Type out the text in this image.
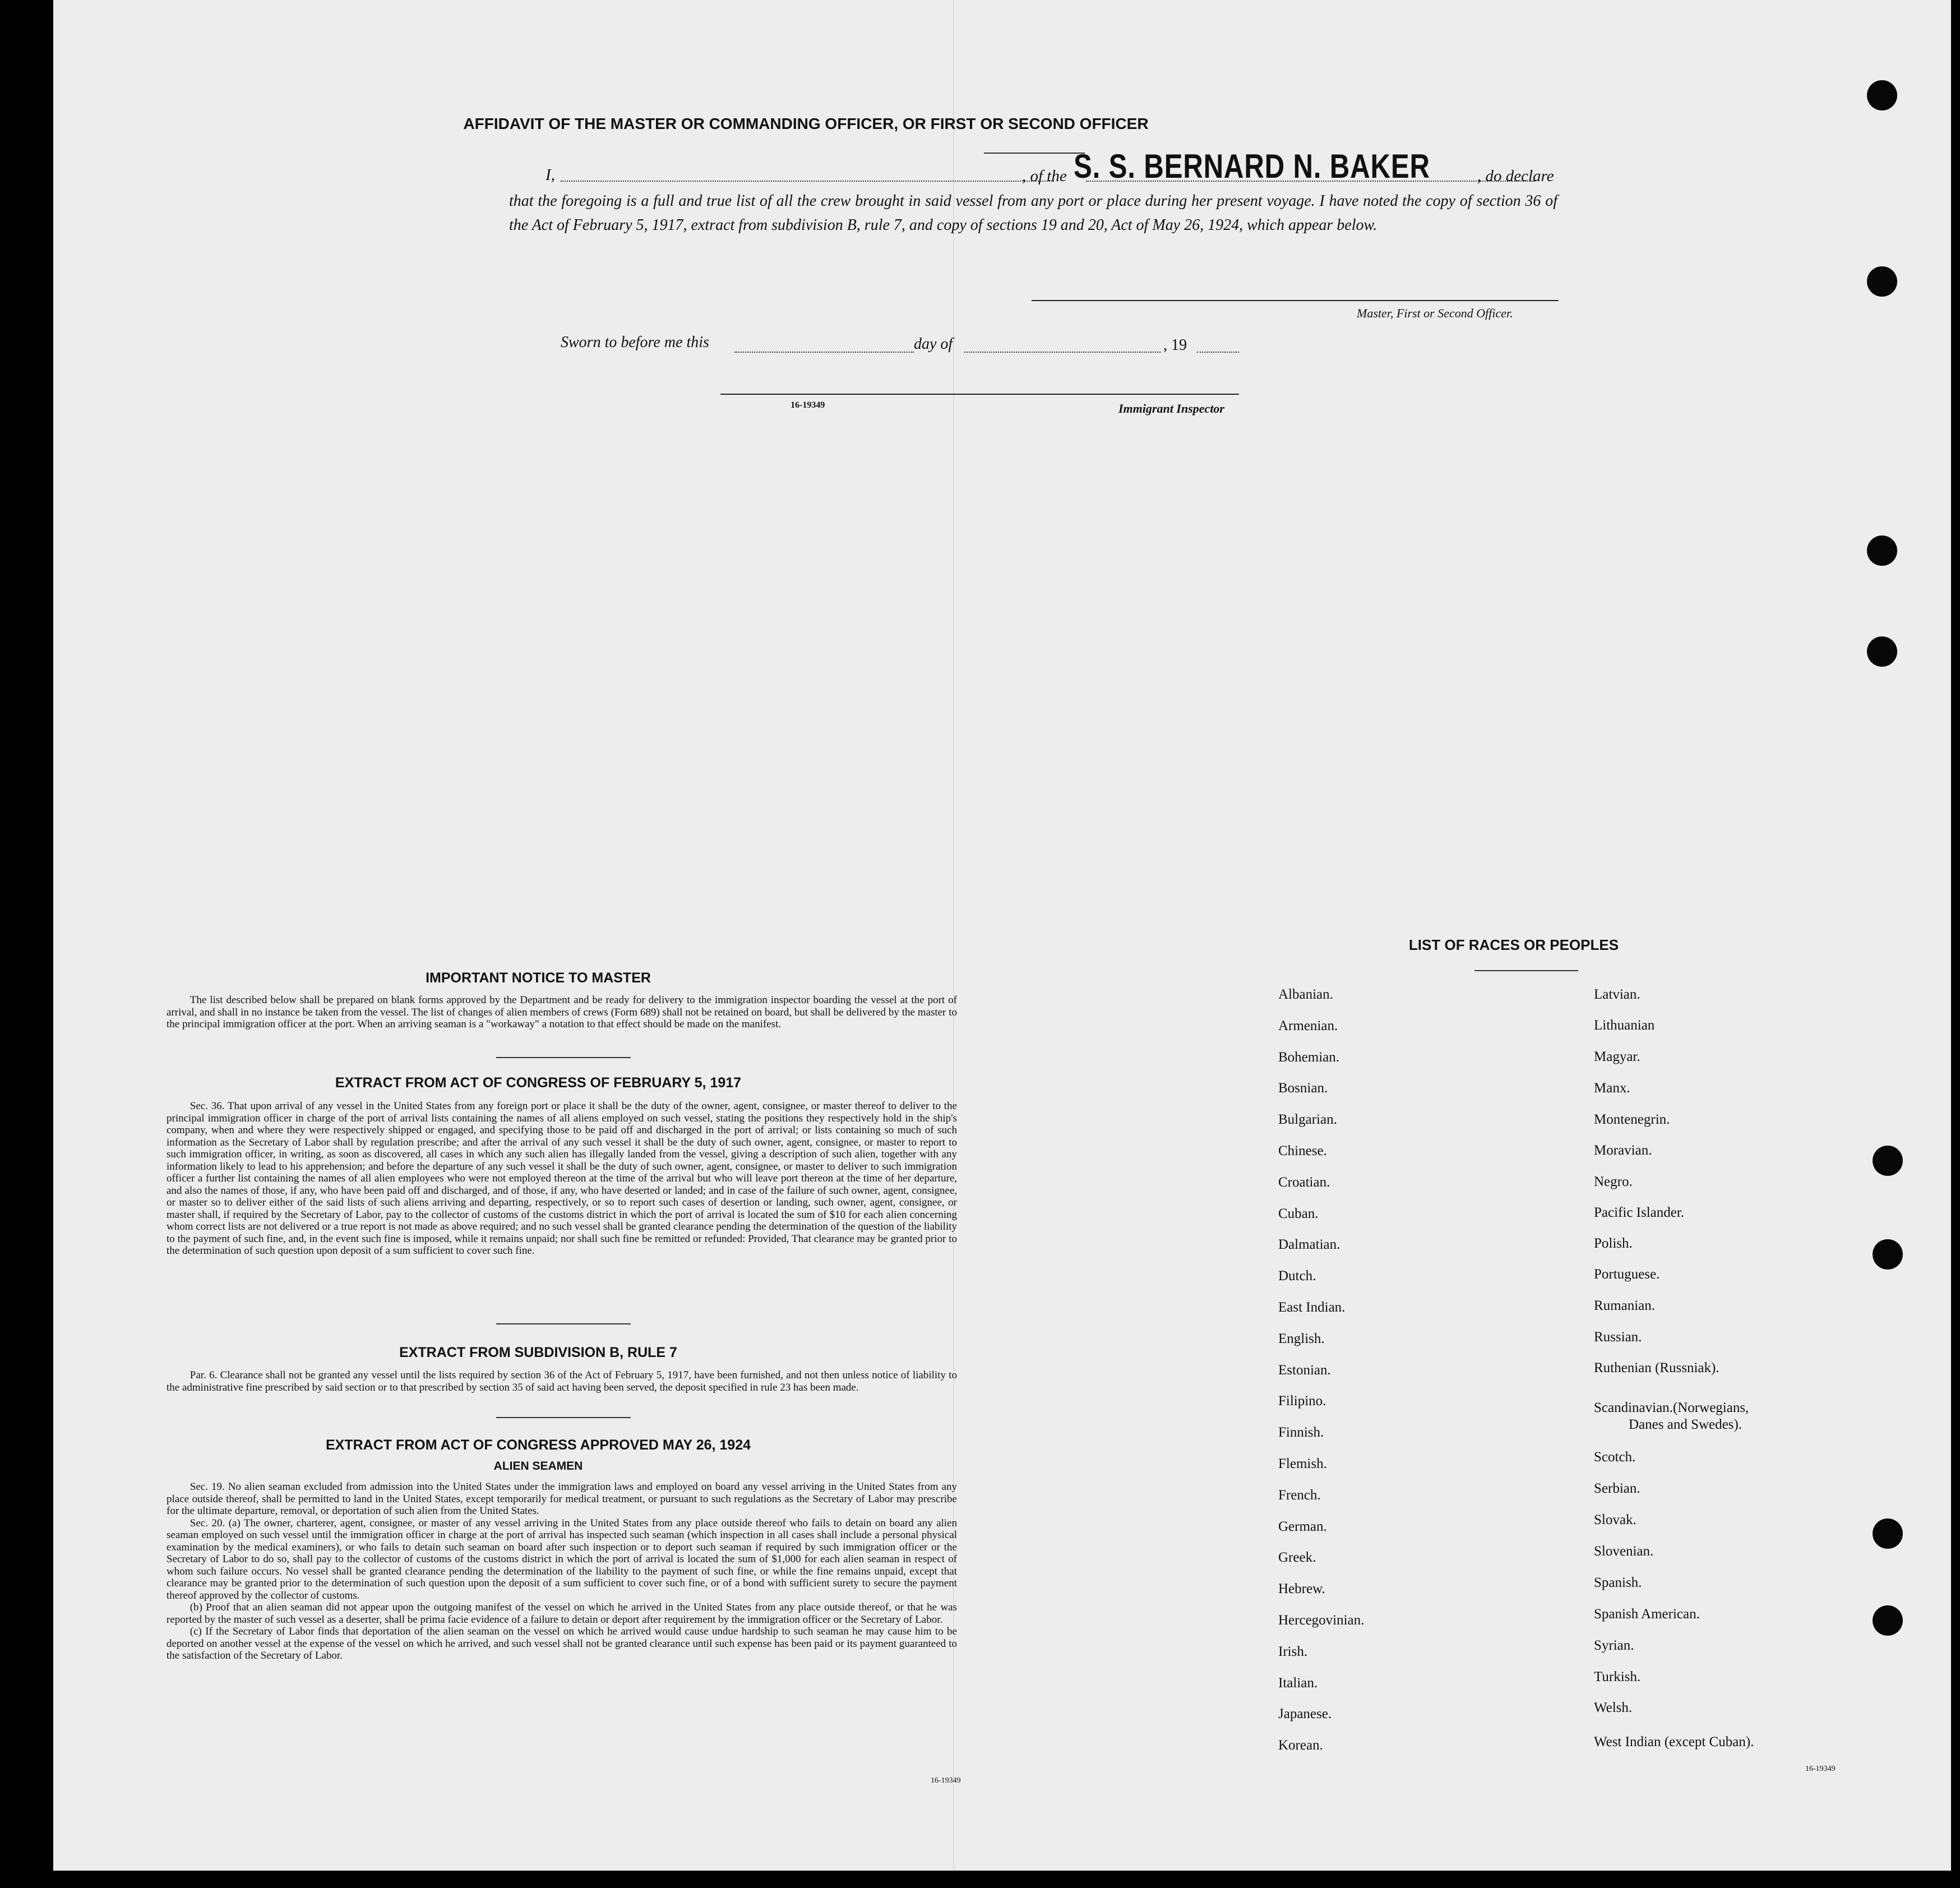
AFFIDAVIT OF THE MASTER OR COMMANDING OFFICER, OR FIRST OR SECOND OFFICER
I,	, of the S. S. BERNARD N. BAKER	, do declare
that the foregoing is a full and true list of all the crew brought in said vessel from any port or place during her present voyage. I have noted the copy of section 36 of the Act of February 5, 1917, extract from subdivision B, rule 7, and copy of sections 19 and 20, Act of May 26, 1924, which appear below.
Master, First or Second Officer.
Sworn to before me this	day of	, 19
16-19349	Immigrant Inspector
IMPORTANT NOTICE TO MASTER

The list described below shall be prepared on blank forms approved by the Department and be ready for delivery to the immigration inspector boarding the vessel at the port of arrival, and shall in no instance be taken from the vessel. The list of changes of alien members of crews (Form 689) shall not be retained on board, but shall be delivered by the master to the principal immigration officer at the port. When an arriving seaman is a "workaway" a notation to that effect should be made on the manifest.

EXTRACT FROM ACT OF CONGRESS OF FEBRUARY 5, 1917

Sec. 36. That upon arrival of any vessel in the United States from any foreign port or place it shall be the duty of the owner, agent, consignee, or master thereof to deliver to the principal immigration officer in charge of the port of arrival lists containing the names of all aliens employed on such vessel, stating the positions they respectively hold in the ship's company, when and where they were respectively shipped or engaged, and specifying those to be paid off and discharged in the port of arrival; or lists containing so much of such information as the Secretary of Labor shall by regulation prescribe; and after the arrival of any such vessel it shall be the duty of such owner, agent, consignee, or master to report to such immigration officer, in writing, as soon as discovered, all cases in which any such alien has illegally landed from the vessel, giving a description of such alien, together with any information likely to lead to his apprehension; and before the departure of any such vessel it shall be the duty of such owner, agent, consignee, or master to deliver to such immigration officer a further list containing the names of all alien employees who were not employed thereon at the time of the arrival but who will leave port thereon at the time of her departure, and also the names of those, if any, who have been paid off and discharged, and of those, if any, who have deserted or landed; and in case of the failure of such owner, agent, consignee, or master so to deliver either of the said lists of such aliens arriving and departing, respectively, or so to report such cases of desertion or landing, such owner, agent, consignee, or master shall, if required by the Secretary of Labor, pay to the collector of customs of the customs district in which the port of arrival is located the sum of $10 for each alien concerning whom correct lists are not delivered or a true report is not made as above required; and no such vessel shall be granted clearance pending the determination of the question of the liability to the payment of such fine, and, in the event such fine is imposed, while it remains unpaid; nor shall such fine be remitted or refunded: Provided, That clearance may be granted prior to the determination of such question upon deposit of a sum sufficient to cover such fine.

EXTRACT FROM SUBDIVISION B, RULE 7

Par. 6. Clearance shall not be granted any vessel until the lists required by section 36 of the Act of February 5, 1917, have been furnished, and not then unless notice of liability to the administrative fine prescribed by said section or to that prescribed by section 35 of said act having been served, the deposit specified in rule 23 has been made.

EXTRACT FROM ACT OF CONGRESS APPROVED MAY 26, 1924
ALIEN SEAMEN

Sec. 19. No alien seaman excluded from admission into the United States under the immigration laws and employed on board any vessel arriving in the United States from any place outside thereof, shall be permitted to land in the United States, except temporarily for medical treatment, or pursuant to such regulations as the Secretary of Labor may prescribe for the ultimate departure, removal, or deportation of such alien from the United States.

Sec. 20. (a) The owner, charterer, agent, consignee, or master of any vessel arriving in the United States from any place outside thereof who fails to detain on board any alien seaman employed on such vessel until the immigration officer in charge at the port of arrival has inspected such seaman (which inspection in all cases shall include a personal physical examination by the medical examiners), or who fails to detain such seaman on board after such inspection or to deport such seaman if required by such immigration officer or the Secretary of Labor to do so, shall pay to the collector of customs of the customs district in which the port of arrival is located the sum of $1,000 for each alien seaman in respect of whom such failure occurs. No vessel shall be granted clearance pending the determination of the liability to the payment of such fine, or while the fine remains unpaid, except that clearance may be granted prior to the determination of such question upon the deposit of a sum sufficient to cover such fine, or of a bond with sufficient surety to secure the payment thereof approved by the collector of customs.

(b) Proof that an alien seaman did not appear upon the outgoing manifest of the vessel on which he arrived in the United States from any place outside thereof, or that he was reported by the master of such vessel as a deserter, shall be prima facie evidence of a failure to detain or deport after requirement by the immigration officer or the Secretary of Labor.

(c) If the Secretary of Labor finds that deportation of the alien seaman on the vessel on which he arrived would cause undue hardship to such seaman he may cause him to be deported on another vessel at the expense of the vessel on which he arrived, and such vessel shall not be granted clearance until such expense has been paid or its payment guaranteed to the satisfaction of the Secretary of Labor.

16-19349
LIST OF RACES OR PEOPLES
Danes and Swedes).
16-19349
Albanian.
Armenian.
Bohemian.
Bosnian.
Bulgarian.
Chinese.
Croatian.
Cuban.
Dalmatian.
Dutch.
East Indian.
English.
Estonian.
Filipino.
Finnish.
Flemish.
French.
German.
Greek.
Hebrew.
Hercegovinian.
Irish.
Italian.
Japanese.
Korean.
Latvian.
Lithuanian
Magyar.
Manx.
Montenegrin.
Moravian.
Negro.
Pacific Islander.
Polish.
Portuguese.
Rumanian.
Russian.
Ruthenian (Russniak).
Scandinavian.(Norwegians,
Scotch.
Serbian.
Slovak.
Slovenian.
Spanish.
Spanish American.
Syrian.
Turkish.
Welsh.
West Indian (except Cuban).
